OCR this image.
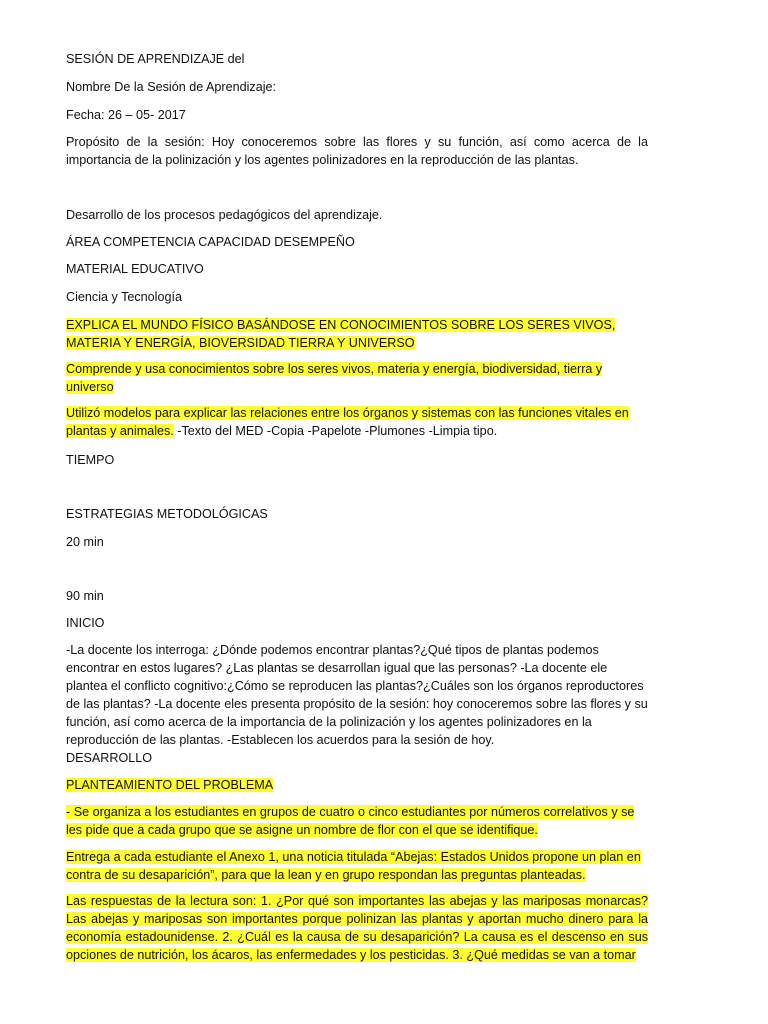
SESIÓN DE APRENDIZAJE del

Nombre De la Sesión de Aprendizaje:

Fecha: 26 – 05- 2017

Propósito de la sesión: Hoy conoceremos sobre las flores y su función, así como acerca de la importancia de la polinización y los agentes polinizadores en la reproducción de las plantas.

Desarrollo de los procesos pedagógicos del aprendizaje.

ÁREA COMPETENCIA CAPACIDAD DESEMPEÑO

MATERIAL EDUCATIVO

Ciencia y Tecnología

EXPLICA EL MUNDO FÍSICO BASÁNDOSE EN CONOCIMIENTOS SOBRE LOS SERES VIVOS, MATERIA Y ENERGÍA, BIOVERSIDAD TIERRA Y UNIVERSO

Comprende y usa conocimientos sobre los seres vivos, materia y energía, biodiversidad, tierra y universo

Utilizó modelos para explicar las relaciones entre los órganos y sistemas con las funciones vitales en plantas y animales. -Texto del MED -Copia -Papelote -Plumones -Limpia tipo.

TIEMPO

ESTRATEGIAS METODOLÓGICAS

20 min

90 min

INICIO

-La docente los interroga: ¿Dónde podemos encontrar plantas?¿Qué tipos de plantas podemos encontrar en estos lugares? ¿Las plantas se desarrollan igual que las personas? -La docente ele plantea el conflicto cognitivo:¿Cómo se reproducen las plantas?¿Cuáles son los órganos reproductores de las plantas? -La docente eles presenta propósito de la sesión: hoy conoceremos sobre las flores y su función, así como acerca de la importancia de la polinización y los agentes polinizadores en la reproducción de las plantas. -Establecen los acuerdos para la sesión de hoy.

DESARROLLO

PLANTEAMIENTO DEL PROBLEMA

- Se organiza a los estudiantes en grupos de cuatro o cinco estudiantes por números correlativos y se les pide que a cada grupo que se asigne un nombre de flor con el que se identifique.

Entrega a cada estudiante el Anexo 1, una noticia titulada “Abejas: Estados Unidos propone un plan en contra de su desaparición”, para que la lean y en grupo respondan las preguntas planteadas.

Las respuestas de la lectura son: 1. ¿Por qué son importantes las abejas y las mariposas monarcas? Las abejas y mariposas son importantes porque polinizan las plantas y aportan mucho dinero para la economía estadounidense. 2. ¿Cuál es la causa de su desaparición? La causa es el descenso en sus opciones de nutrición, los ácaros, las enfermedades y los pesticidas. 3. ¿Qué medidas se van a tomar
